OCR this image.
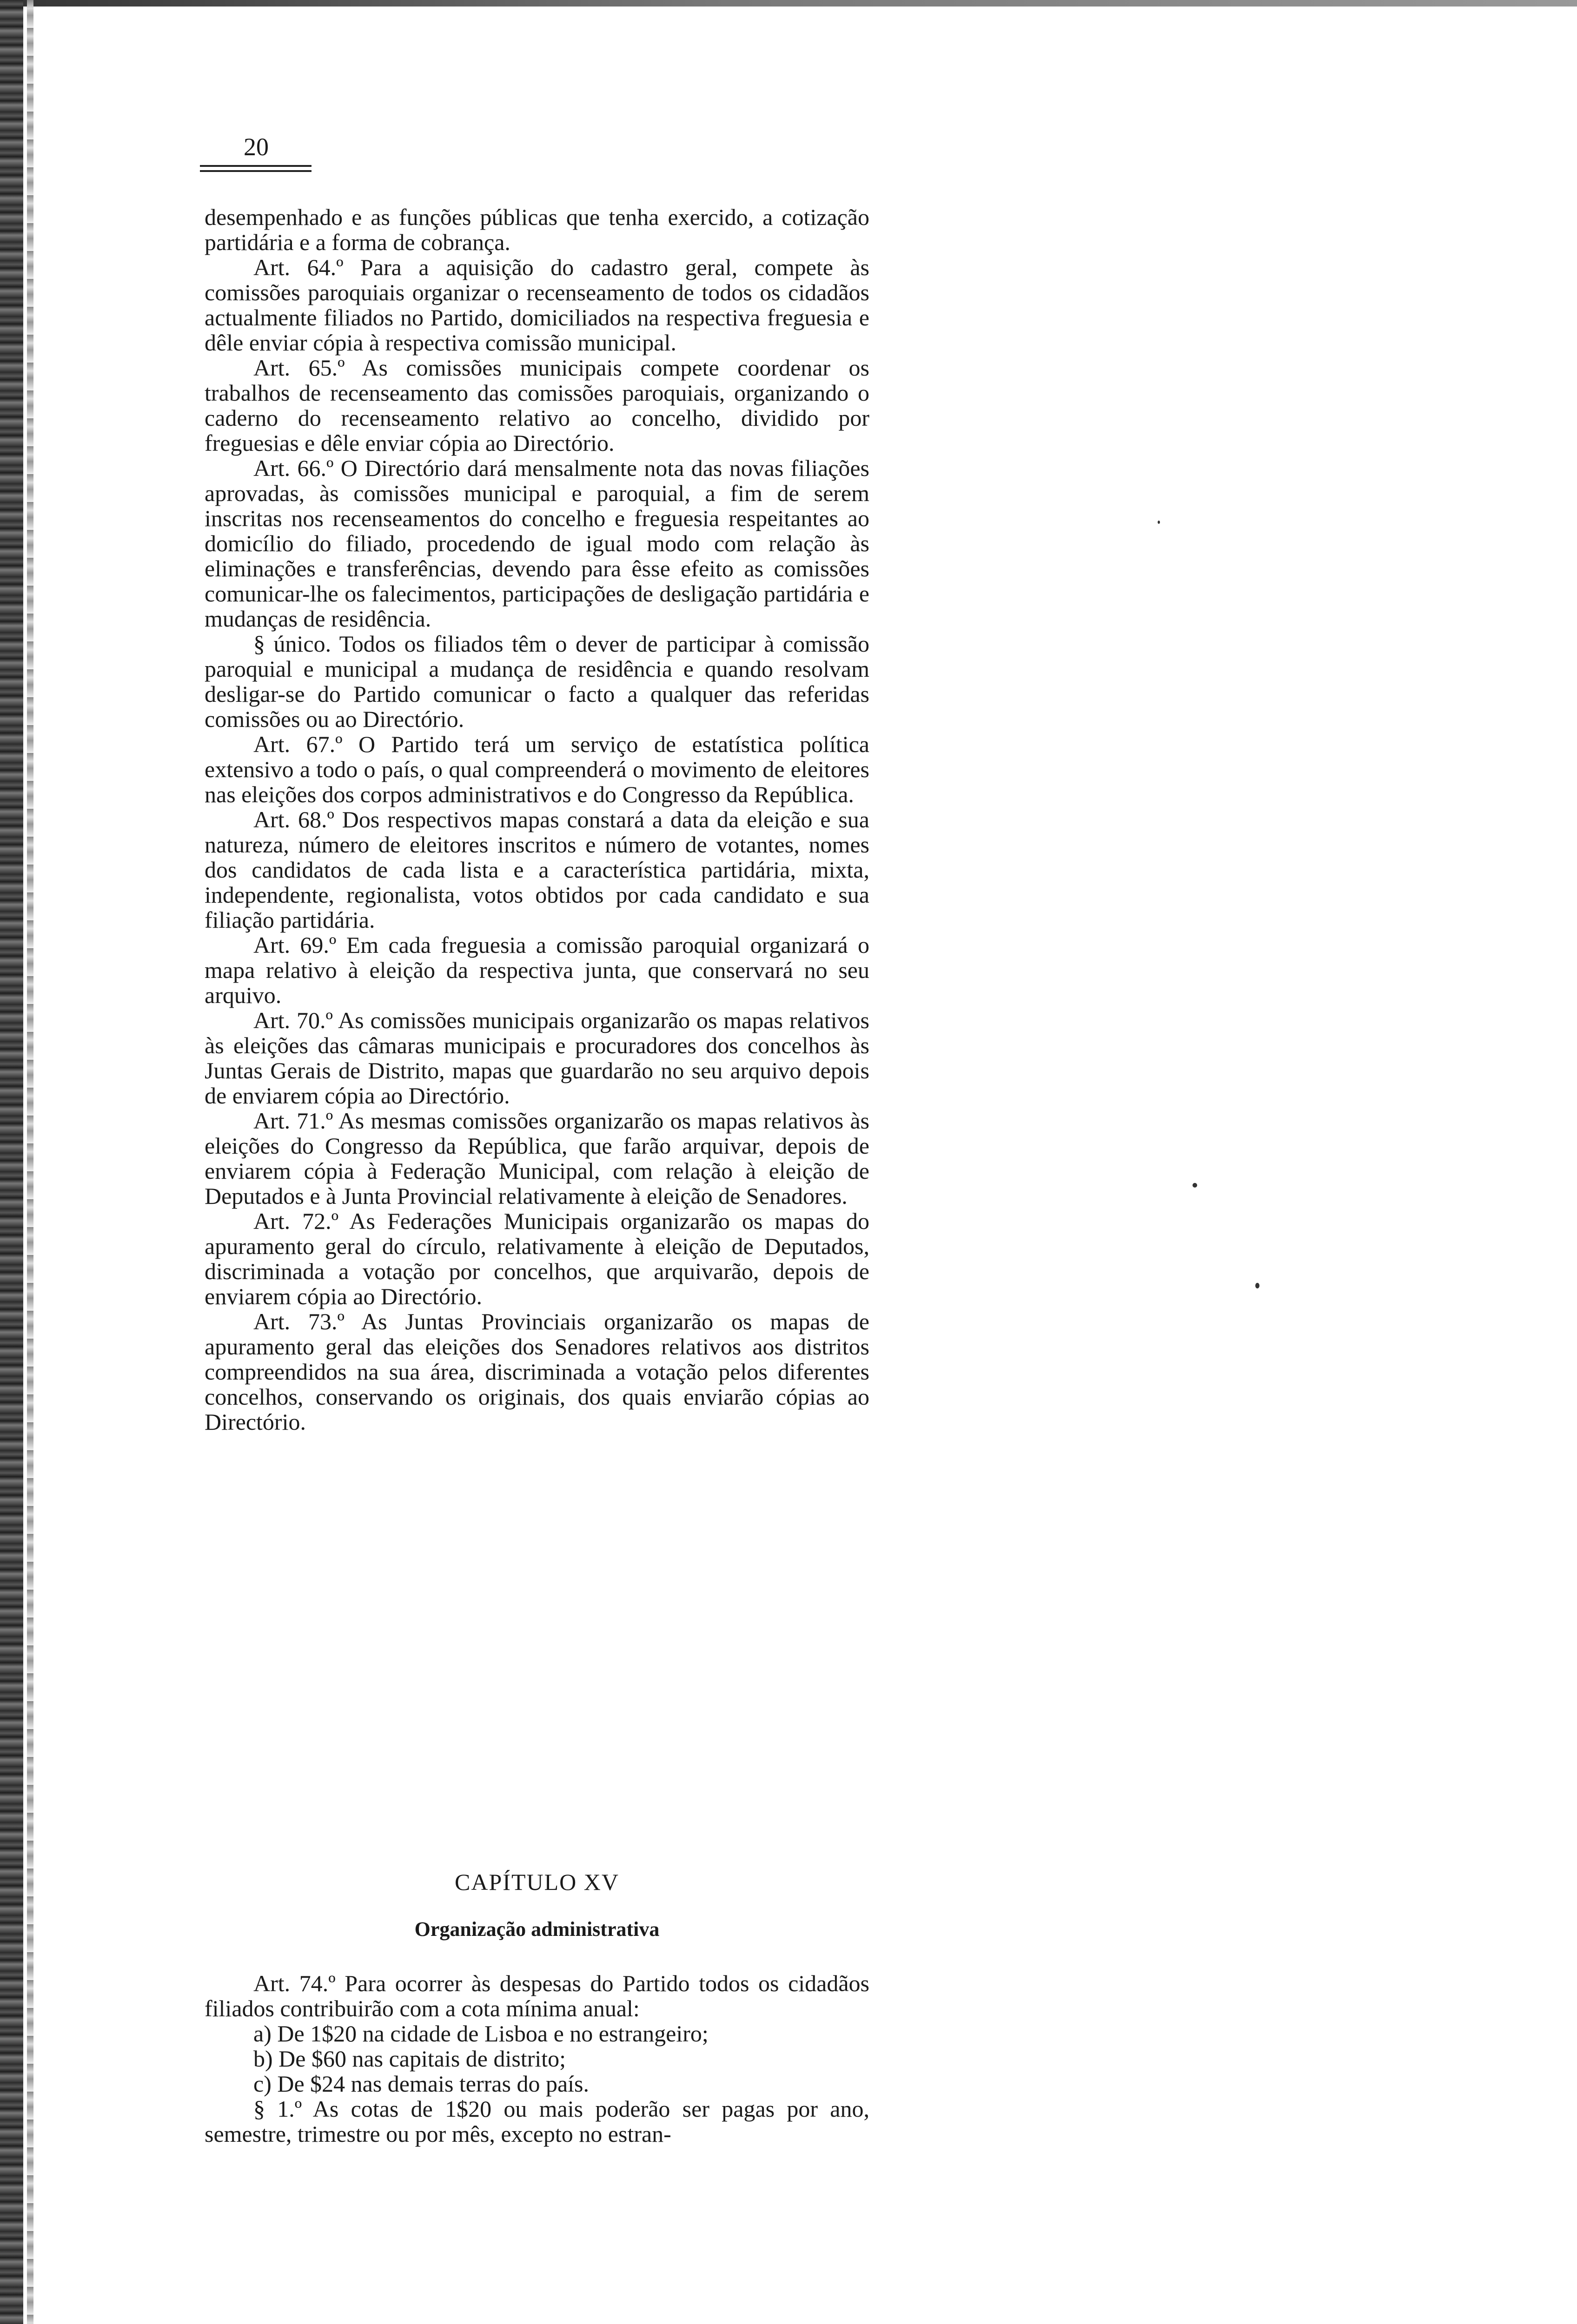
20

desempenhado e as funções públicas que tenha exercido, a cotização partidária e a forma de cobrança.

Art. 64.º Para a aquisição do cadastro geral, compete às comissões paroquiais organizar o recenseamento de todos os cidadãos actualmente filiados no Partido, domiciliados na respectiva freguesia e dêle enviar cópia à respectiva comissão municipal.

Art. 65.º As comissões municipais compete coordenar os trabalhos de recenseamento das comissões paroquiais, organizando o caderno do recenseamento relativo ao concelho, dividido por freguesias e dêle enviar cópia ao Directório.

Art. 66.º O Directório dará mensalmente nota das novas filiações aprovadas, às comissões municipal e paroquial, a fim de serem inscritas nos recenseamentos do concelho e freguesia respeitantes ao domicílio do filiado, procedendo de igual modo com relação às eliminações e transferências, devendo para êsse efeito as comissões comunicar-lhe os falecimentos, participações de desligação partidária e mudanças de residência.

§ único. Todos os filiados têm o dever de participar à comissão paroquial e municipal a mudança de residência e quando resolvam desligar-se do Partido comunicar o facto a qualquer das referidas comissões ou ao Directório.

Art. 67.º O Partido terá um serviço de estatística política extensivo a todo o país, o qual compreenderá o movimento de eleitores nas eleições dos corpos administrativos e do Congresso da República.

Art. 68.º Dos respectivos mapas constará a data da eleição e sua natureza, número de eleitores inscritos e número de votantes, nomes dos candidatos de cada lista e a característica partidária, mixta, independente, regionalista, votos obtidos por cada candidato e sua filiação partidária.

Art. 69.º Em cada freguesia a comissão paroquial organizará o mapa relativo à eleição da respectiva junta, que conservará no seu arquivo.

Art. 70.º As comissões municipais organizarão os mapas relativos às eleições das câmaras municipais e procuradores dos concelhos às Juntas Gerais de Distrito, mapas que guardarão no seu arquivo depois de enviarem cópia ao Directório.

Art. 71.º As mesmas comissões organizarão os mapas relativos às eleições do Congresso da República, que farão arquivar, depois de enviarem cópia à Federação Municipal, com relação à eleição de Deputados e à Junta Provincial relativamente à eleição de Senadores.

Art. 72.º As Federações Municipais organizarão os mapas do apuramento geral do círculo, relativamente à eleição de Deputados, discriminada a votação por concelhos, que arquivarão, depois de enviarem cópia ao Directório.

Art. 73.º As Juntas Provinciais organizarão os mapas de apuramento geral das eleições dos Senadores relativos aos distritos compreendidos na sua área, discriminada a votação pelos diferentes concelhos, conservando os originais, dos quais enviarão cópias ao Directório.

CAPÍTULO XV
Organização administrativa

Art. 74.º Para ocorrer às despesas do Partido todos os cidadãos filiados contribuirão com a cota mínima anual:

a) De 1$20 na cidade de Lisboa e no estrangeiro;

b) De $60 nas capitais de distrito;

c) De $24 nas demais terras do país.

§ 1.º As cotas de 1$20 ou mais poderão ser pagas por ano, semestre, trimestre ou por mês, excepto no estran-
